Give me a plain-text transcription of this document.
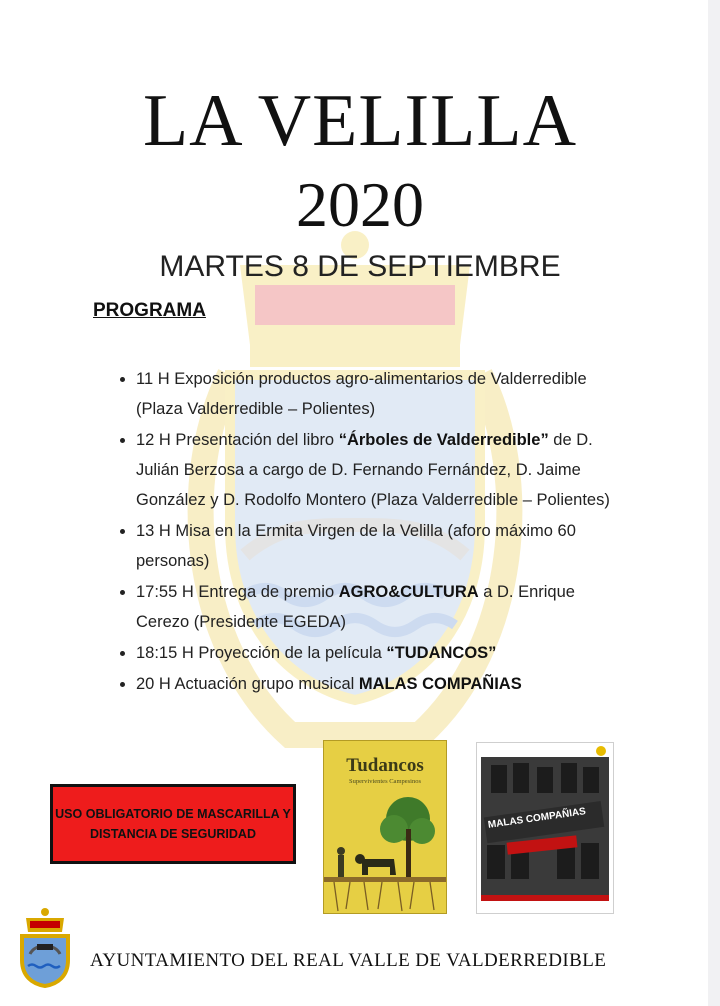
LA VELILLA
2020
MARTES 8 DE SEPTIEMBRE
PROGRAMA
• 11 H Exposición productos agro-alimentarios de Valderredible (Plaza Valderredible – Polientes)
• 12 H Presentación del libro “Árboles de Valderredible” de D. Julián Berzosa a cargo de D. Fernando Fernández, D. Jaime González y D. Rodolfo Montero (Plaza Valderredible – Polientes)
• 13 H Misa en la Ermita Virgen de la Velilla (aforo máximo 60 personas)
• 17:55 H Entrega de premio AGRO&CULTURA a D. Enrique Cerezo (Presidente EGEDA)
• 18:15 H Proyección de la película “TUDANCOS”
• 20 H Actuación grupo musical MALAS COMPAÑIAS
USO OBLIGATORIO DE MASCARILLA Y DISTANCIA DE SEGURIDAD
Tudancos
Supervivientes Campesinos
MALAS COMPAÑIAS
AYUNTAMIENTO DEL REAL VALLE DE VALDERREDIBLE
